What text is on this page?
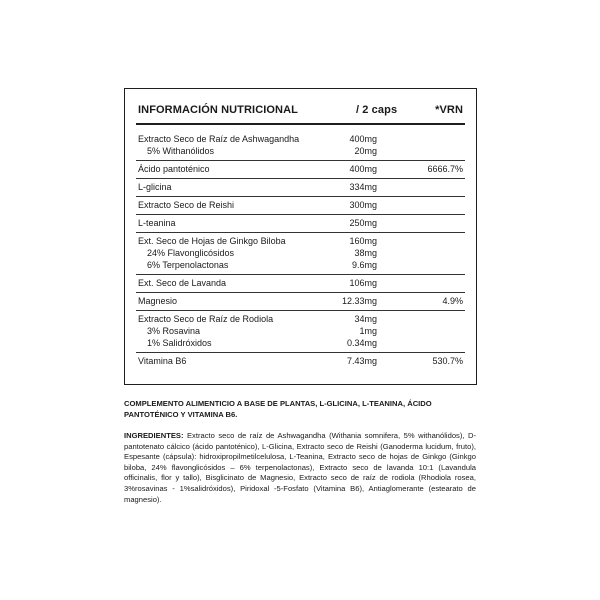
INFORMACIÓN NUTRICIONAL	/ 2 caps	*VRN
Extracto Seco de Raíz de Ashwagandha	400mg
5% Withanólidos	20mg
Ácido pantoténico	400mg	6666.7%
L-glicina	334mg
Extracto Seco de Reishi	300mg
L-teanina	250mg
Ext. Seco de Hojas de Ginkgo Biloba	160mg
24% Flavonglicósidos	38mg
6% Terpenolactonas	9.6mg
Ext. Seco de Lavanda	106mg
Magnesio	12.33mg	4.9%
Extracto Seco de Raíz de Rodiola	34mg
3% Rosavina	1mg
1% Salidróxidos	0.34mg
Vitamina B6	7.43mg	530.7%
COMPLEMENTO ALIMENTICIO A BASE DE PLANTAS, L-GLICINA, L-TEANINA, ÁCIDO PANTOTÉNICO Y VITAMINA B6.
INGREDIENTES: Extracto seco de raíz de Ashwagandha (Withania somnifera, 5% withanólidos), D-pantotenato cálcico (ácido pantoténico), L-Glicina, Extracto seco de Reishi (Ganoderma lucidum, fruto), Espesante (cápsula): hidroxipropilmetilcelulosa, L-Teanina, Extracto seco de hojas de Ginkgo (Ginkgo biloba, 24% flavonglicósidos – 6% terpenolactonas), Extracto seco de lavanda 10:1 (Lavandula officinalis, flor y tallo), Bisglicinato de Magnesio, Extracto seco de raíz de rodiola (Rhodiola rosea, 3%rosavinas - 1%salidróxidos), Piridoxal -5-Fosfato (Vitamina B6), Antiaglomerante (estearato de magnesio).
